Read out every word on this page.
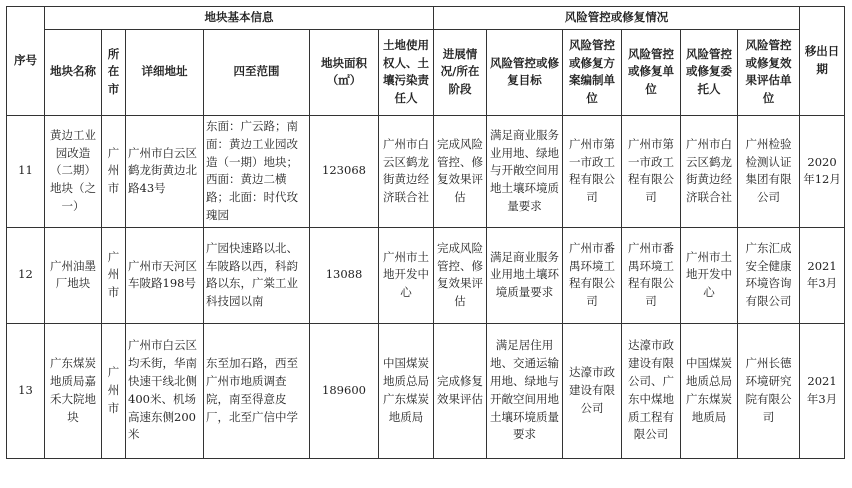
序号	地块基本信息						风险管控或修复情况						移出日期
	地块名称	所在市	详细地址	四至范围	地块面积（㎡）	土地使用权人、土壤污染责任人	进展情况/所在阶段	风险管控或修复目标	风险管控或修复方案编制单位	风险管控或修复单位	风险管控或修复委托人	风险管控或修复效果评估单位	
11	黄边工业园改造（二期）地块（之一）	广州市	广州市白云区鹤龙街黄边北路43号	东面：广云路；南面：黄边工业园改造（一期）地块；西面：黄边二横路；北面：时代玫瑰园	123068	广州市白云区鹤龙街黄边经济联合社	完成风险管控、修复效果评估	满足商业服务业用地、绿地与开敞空间用地土壤环境质量要求	广州市第一市政工程有限公司	广州市第一市政工程有限公司	广州市白云区鹤龙街黄边经济联合社	广州检验检测认证集团有限公司	2020年12月
12	广州油墨厂地块	广州市	广州市天河区车陂路198号	广园快速路以北、车陂路以西，科韵路以东，广棠工业科技园以南	13088	广州市土地开发中心	完成风险管控、修复效果评估	满足商业服务业用地土壤环境质量要求	广州市番禺环境工程有限公司	广州市番禺环境工程有限公司	广州市土地开发中心	广东汇成安全健康环境咨询有限公司	2021年3月
13	广东煤炭地质局嘉禾大院地块	广州市	广州市白云区均禾街，华南快速干线北侧400米、机场高速东侧200米	东至加石路，西至广州市地质调查院，南至得意皮厂，北至广信中学	189600	中国煤炭地质总局广东煤炭地质局	完成修复效果评估	满足居住用地、交通运输用地、绿地与开敞空间用地土壤环境质量要求	达濠市政建设有限公司	达濠市政建设有限公司、广东中煤地质工程有限公司	中国煤炭地质总局广东煤炭地质局	广州长德环境研究院有限公司	2021年3月
